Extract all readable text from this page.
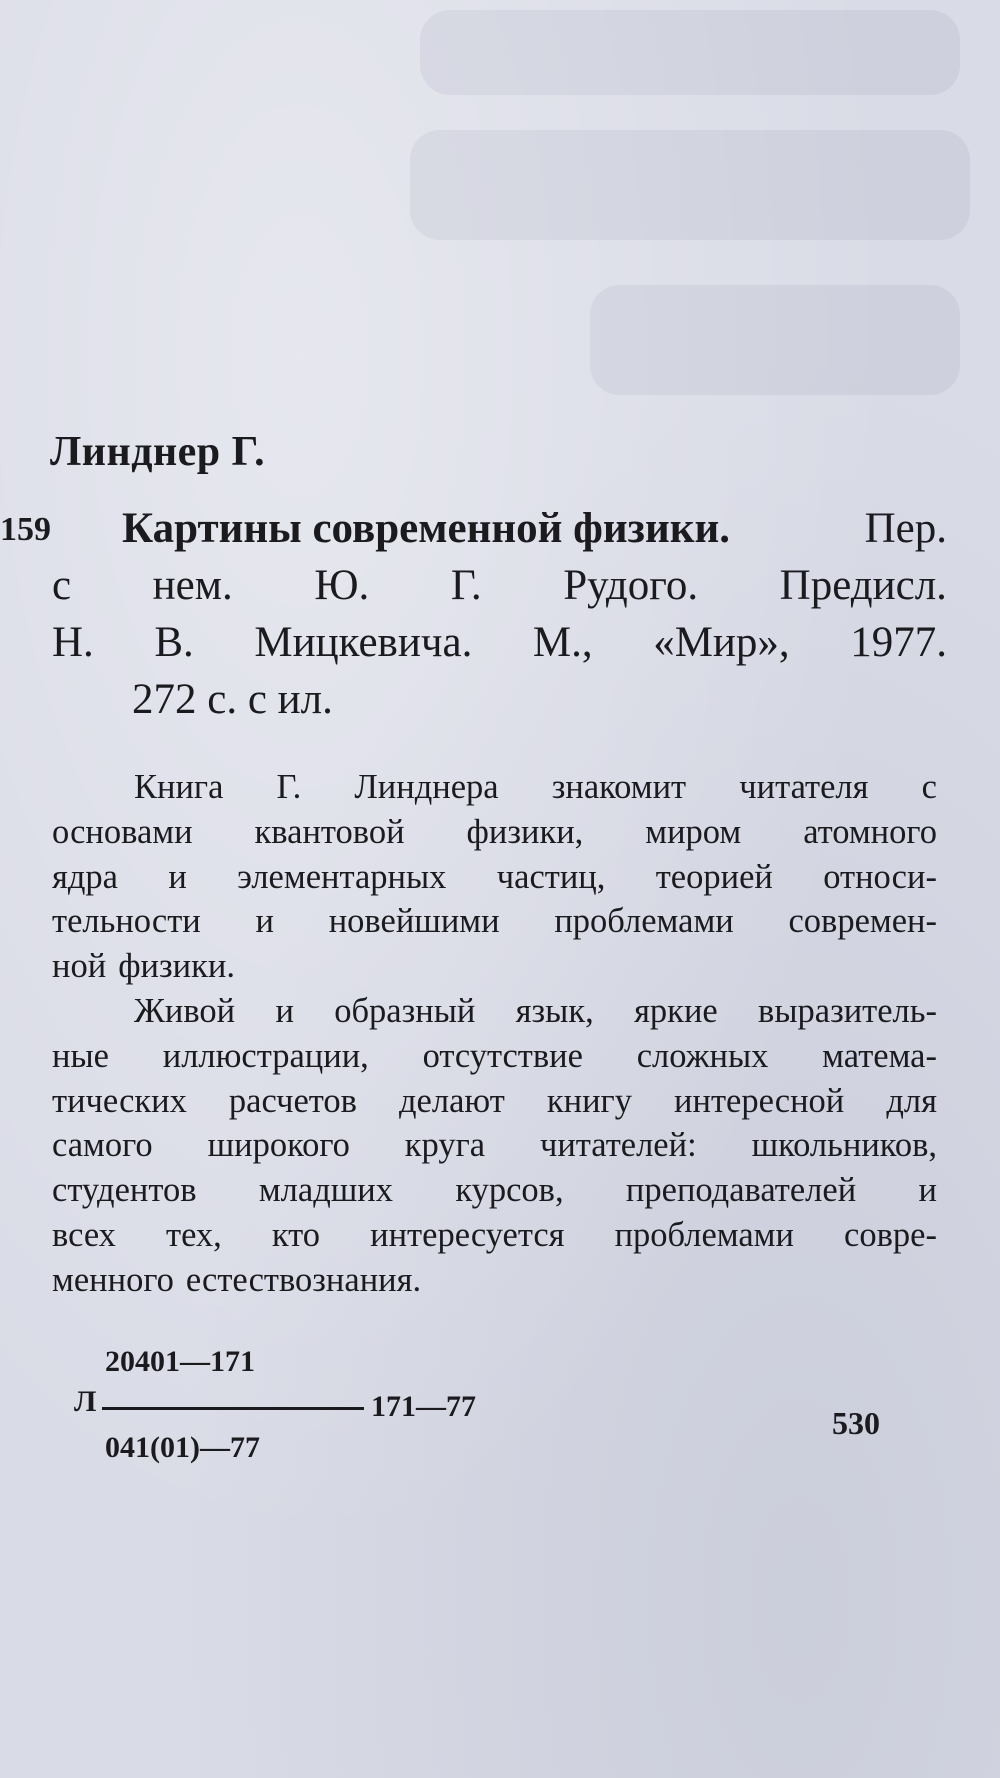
Линднер Г.
159 Картины современной физики.	Пер.
с нем. Ю. Г. Рудого. Предисл.
Н. В. Мицкевича. М., «Мир», 1977.
272 с. с ил.
Книга Г. Линднера знакомит читателя с
основами квантовой физики, миром атомного
ядра и элементарных частиц, теорией относи-
тельности и новейшими проблемами современ-
ной физики.
Живой и образный язык, яркие выразитель-
ные иллюстрации, отсутствие сложных матема-
тических расчетов делают книгу интересной для
самого широкого круга читателей: школьников,
студентов младших курсов, преподавателей и
всех тех, кто интересуется проблемами совре-
менного естествознания.
20401—171
Л	171—77
041(01)—77
530
